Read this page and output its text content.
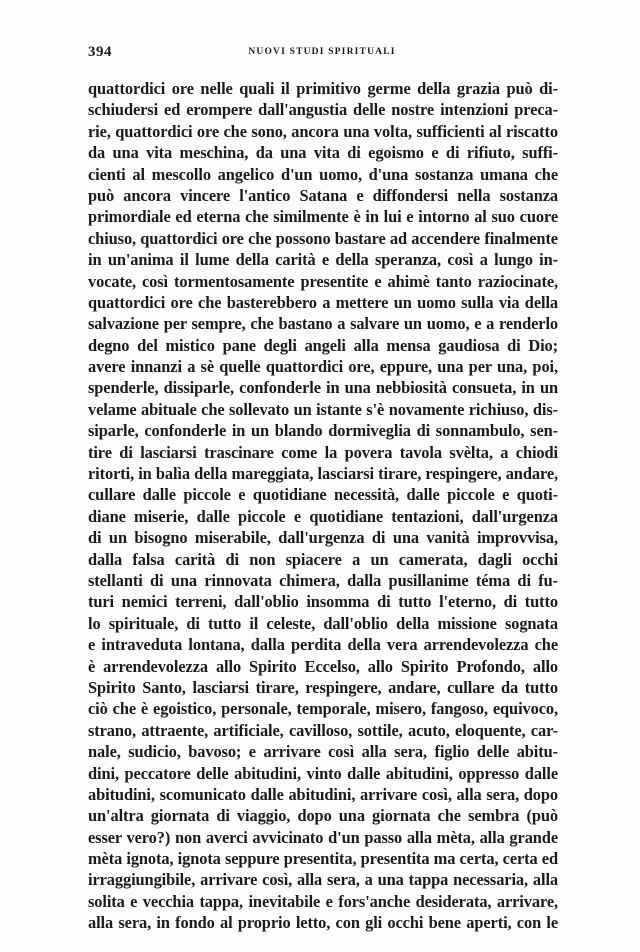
394	NUOVI STUDI SPIRITUALI
quattordici ore nelle quali il primitivo germe della grazia può di-
schiudersi ed erompere dall'angustia delle nostre intenzioni preca-
rie, quattordici ore che sono, ancora una volta, sufficienti al riscatto
da una vita meschina, da una vita di egoismo e di rifiuto, suffi-
cienti al mescollo angelico d'un uomo, d'una sostanza umana che
può ancora vincere l'antico Satana e diffondersi nella sostanza
primordiale ed eterna che similmente è in lui e intorno al suo cuore
chiuso, quattordici ore che possono bastare ad accendere finalmente
in un'anima il lume della carità e della speranza, così a lungo in-
vocate, così tormentosamente presentite e ahimè tanto raziocinate,
quattordici ore che basterebbero a mettere un uomo sulla via della
salvazione per sempre, che bastano a salvare un uomo, e a renderlo
degno del mistico pane degli angeli alla mensa gaudiosa di Dio;
avere innanzi a sè quelle quattordici ore, eppure, una per una, poi,
spenderle, dissiparle, confonderle in una nebbiosità consueta, in un
velame abituale che sollevato un istante s'è novamente richiuso, dis-
siparle, confonderle in un blando dormiveglia di sonnambulo, sen-
tire di lasciarsi trascinare come la povera tavola svèlta, a chiodi
ritorti, in balìa della mareggiata, lasciarsi tirare, respingere, andare,
cullare dalle piccole e quotidiane necessità, dalle piccole e quoti-
diane miserie, dalle piccole e quotidiane tentazioni, dall'urgenza
di un bisogno miserabile, dall'urgenza di una vanità improvvisa,
dalla falsa carità di non spiacere a un camerata, dagli occhi
stellanti di una rinnovata chimera, dalla pusillanime téma di fu-
turi nemici terreni, dall'oblio insomma di tutto l'eterno, di tutto
lo spirituale, di tutto il celeste, dall'oblio della missione sognata
e intraveduta lontana, dalla perdita della vera arrendevolezza che
è arrendevolezza allo Spirito Eccelso, allo Spirito Profondo, allo
Spirito Santo, lasciarsi tirare, respingere, andare, cullare da tutto
ciò che è egoistico, personale, temporale, misero, fangoso, equivoco,
strano, attraente, artificiale, cavilloso, sottile, acuto, eloquente, car-
nale, sudicio, bavoso; e arrivare così alla sera, figlio delle abitu-
dini, peccatore delle abitudini, vinto dalle abitudini, oppresso dalle
abitudini, scomunicato dalle abitudini, arrivare così, alla sera, dopo
un'altra giornata di viaggio, dopo una giornata che sembra (può
esser vero?) non averci avvicinato d'un passo alla mèta, alla grande
mèta ignota, ignota seppure presentita, presentita ma certa, certa ed
irraggiungibile, arrivare così, alla sera, a una tappa necessaria, alla
solita e vecchia tappa, inevitabile e fors'anche desiderata, arrivare,
alla sera, in fondo al proprio letto, con gli occhi bene aperti, con le
